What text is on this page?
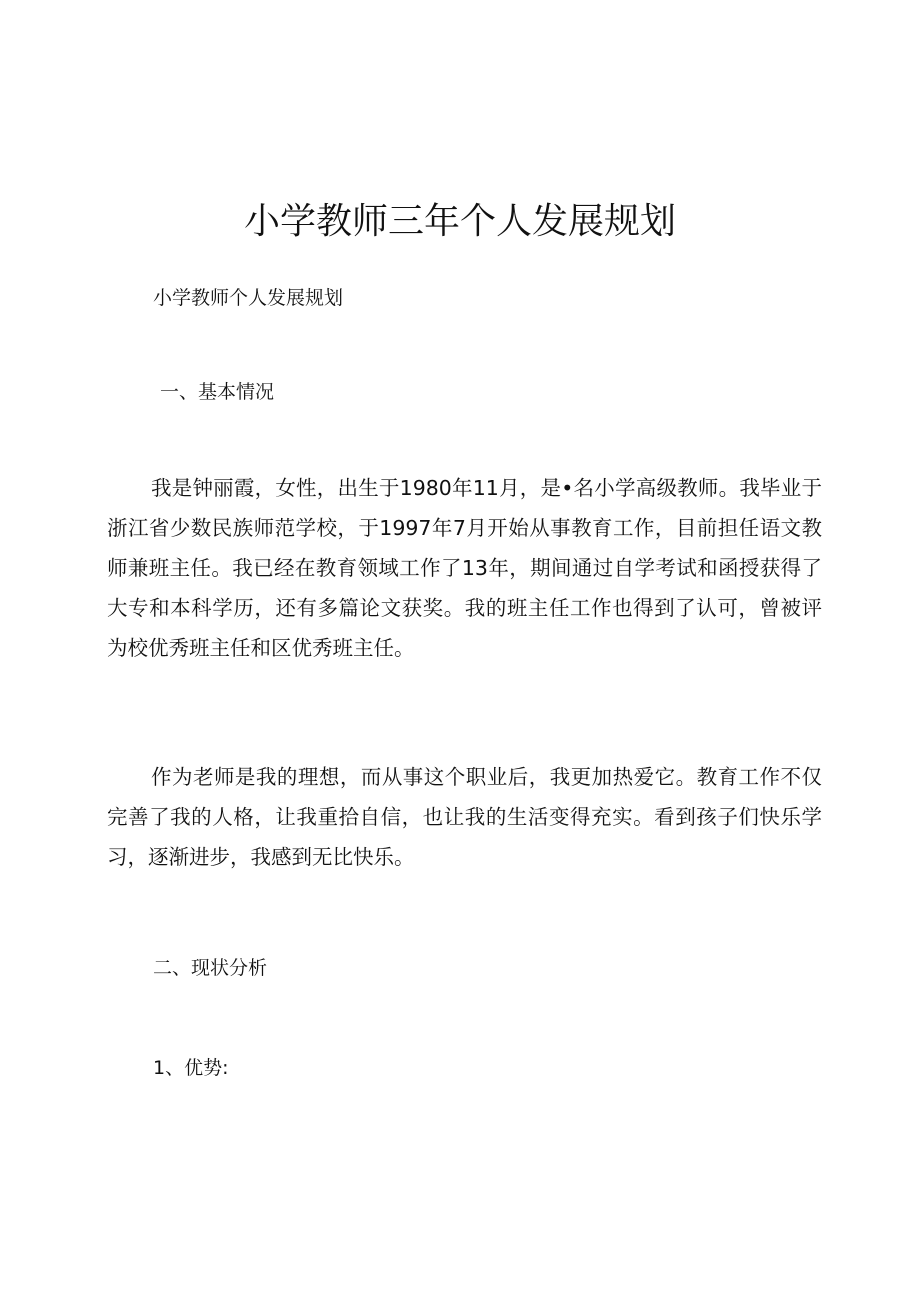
小学教师三年个人发展规划
小学教师个人发展规划
一、基本情况

我是钟丽霞，女性，出生于1980年11月，是•名小学高级教师。我毕业于浙江省少数民族师范学校，于1997年7月开始从事教育工作，目前担任语文教师兼班主任。我已经在教育领域工作了13年，期间通过自学考试和函授获得了大专和本科学历，还有多篇论文获奖。我的班主任工作也得到了认可，曾被评为校优秀班主任和区优秀班主任。

作为老师是我的理想，而从事这个职业后，我更加热爱它。教育工作不仅完善了我的人格，让我重拾自信，也让我的生活变得充实。看到孩子们快乐学习，逐渐进步，我感到无比快乐。

二、现状分析
1、优势:
